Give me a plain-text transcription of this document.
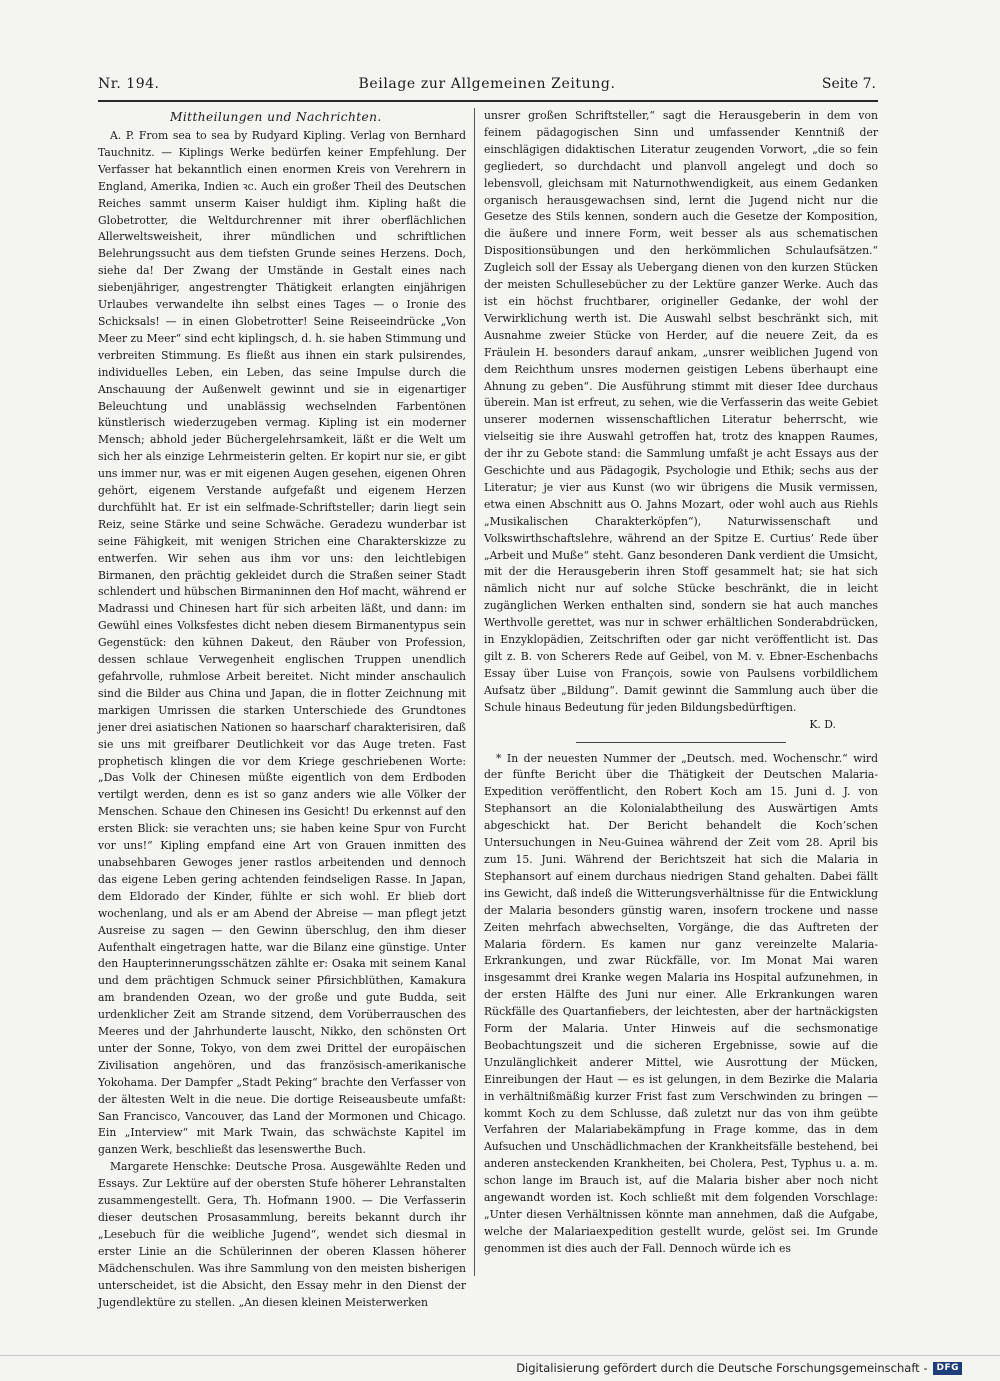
Nr. 194.	Beilage zur Allgemeinen Zeitung.	Seite 7.
Mittheilungen und Nachrichten.

A. P. From sea to sea by Rudyard Kipling. Verlag von Bernhard Tauchnitz. — Kiplings Werke bedürfen keiner Empfehlung. Der Verfasser hat bekanntlich einen enormen Kreis von Verehrern in England, Amerika, Indien ꝛc. Auch ein großer Theil des Deutschen Reiches sammt unserm Kaiser huldigt ihm. Kipling haßt die Globetrotter, die Weltdurchrenner mit ihrer oberflächlichen Allerweltsweisheit, ihrer mündlichen und schriftlichen Belehrungssucht aus dem tiefsten Grunde seines Herzens. Doch, siehe da! Der Zwang der Umstände in Gestalt eines nach siebenjähriger, angestrengter Thätigkeit erlangten einjährigen Urlaubes verwandelte ihn selbst eines Tages — o Ironie des Schicksals! — in einen Globetrotter! Seine Reiseeindrücke „Von Meer zu Meer“ sind echt kiplingsch, d. h. sie haben Stimmung und verbreiten Stimmung. Es fließt aus ihnen ein stark pulsirendes, individuelles Leben, ein Leben, das seine Impulse durch die Anschauung der Außenwelt gewinnt und sie in eigenartiger Beleuchtung und unablässig wechselnden Farbentönen künstlerisch wiederzugeben vermag. Kipling ist ein moderner Mensch; abhold jeder Büchergelehrsamkeit, läßt er die Welt um sich her als einzige Lehrmeisterin gelten. Er kopirt nur sie, er gibt uns immer nur, was er mit eigenen Augen gesehen, eigenen Ohren gehört, eigenem Verstande aufgefaßt und eigenem Herzen durchfühlt hat. Er ist ein selfmade-Schriftsteller; darin liegt sein Reiz, seine Stärke und seine Schwäche. Geradezu wunderbar ist seine Fähigkeit, mit wenigen Strichen eine Charakterskizze zu entwerfen. Wir sehen aus ihm vor uns: den leichtlebigen Birmanen, den prächtig gekleidet durch die Straßen seiner Stadt schlendert und hübschen Birmaninnen den Hof macht, während er Madrassi und Chinesen hart für sich arbeiten läßt, und dann: im Gewühl eines Volksfestes dicht neben diesem Birmanentypus sein Gegenstück: den kühnen Dakeut, den Räuber von Profession, dessen schlaue Verwegenheit englischen Truppen unendlich gefahrvolle, ruhmlose Arbeit bereitet. Nicht minder anschaulich sind die Bilder aus China und Japan, die in flotter Zeichnung mit markigen Umrissen die starken Unterschiede des Grundtones jener drei asiatischen Nationen so haarscharf charakterisiren, daß sie uns mit greifbarer Deutlichkeit vor das Auge treten. Fast prophetisch klingen die vor dem Kriege geschriebenen Worte: „Das Volk der Chinesen müßte eigentlich von dem Erdboden vertilgt werden, denn es ist so ganz anders wie alle Völker der Menschen. Schaue den Chinesen ins Gesicht! Du erkennst auf den ersten Blick: sie verachten uns; sie haben keine Spur von Furcht vor uns!“ Kipling empfand eine Art von Grauen inmitten des unabsehbaren Gewoges jener rastlos arbeitenden und dennoch das eigene Leben gering achtenden feindseligen Rasse. In Japan, dem Eldorado der Kinder, fühlte er sich wohl. Er blieb dort wochenlang, und als er am Abend der Abreise — man pflegt jetzt Ausreise zu sagen — den Gewinn überschlug, den ihm dieser Aufenthalt eingetragen hatte, war die Bilanz eine günstige. Unter den Haupterinnerungsschätzen zählte er: Osaka mit seinem Kanal und dem prächtigen Schmuck seiner Pfirsichblüthen, Kamakura am brandenden Ozean, wo der große und gute Budda, seit urdenklicher Zeit am Strande sitzend, dem Vorüberrauschen des Meeres und der Jahrhunderte lauscht, Nikko, den schönsten Ort unter der Sonne, Tokyo, von dem zwei Drittel der europäischen Zivilisation angehören, und das französisch-amerikanische Yokohama. Der Dampfer „Stadt Peking“ brachte den Verfasser von der ältesten Welt in die neue. Die dortige Reiseausbeute umfaßt: San Francisco, Vancouver, das Land der Mormonen und Chicago. Ein „Interview“ mit Mark Twain, das schwächste Kapitel im ganzen Werk, beschließt das lesenswerthe Buch.

Margarete Henschke: Deutsche Prosa. Ausgewählte Reden und Essays. Zur Lektüre auf der obersten Stufe höherer Lehranstalten zusammengestellt. Gera, Th. Hofmann 1900. — Die Verfasserin dieser deutschen Prosasammlung, bereits bekannt durch ihr „Lesebuch für die weibliche Jugend“, wendet sich diesmal in erster Linie an die Schülerinnen der oberen Klassen höherer Mädchenschulen. Was ihre Sammlung von den meisten bisherigen unterscheidet, ist die Absicht, den Essay mehr in den Dienst der Jugendlektüre zu stellen. „An diesen kleinen Meisterwerken

unsrer großen Schriftsteller,“ sagt die Herausgeberin in dem von feinem pädagogischen Sinn und umfassender Kenntniß der einschlägigen didaktischen Literatur zeugenden Vorwort, „die so fein gegliedert, so durchdacht und planvoll angelegt und doch so lebensvoll, gleichsam mit Naturnothwendigkeit, aus einem Gedanken organisch herausgewachsen sind, lernt die Jugend nicht nur die Gesetze des Stils kennen, sondern auch die Gesetze der Komposition, die äußere und innere Form, weit besser als aus schematischen Dispositionsübungen und den herkömmlichen Schulaufsätzen.“ Zugleich soll der Essay als Uebergang dienen von den kurzen Stücken der meisten Schullesebücher zu der Lektüre ganzer Werke. Auch das ist ein höchst fruchtbarer, origineller Gedanke, der wohl der Verwirklichung werth ist. Die Auswahl selbst beschränkt sich, mit Ausnahme zweier Stücke von Herder, auf die neuere Zeit, da es Fräulein H. besonders darauf ankam, „unsrer weiblichen Jugend von dem Reichthum unsres modernen geistigen Lebens überhaupt eine Ahnung zu geben“. Die Ausführung stimmt mit dieser Idee durchaus überein. Man ist erfreut, zu sehen, wie die Verfasserin das weite Gebiet unserer modernen wissenschaftlichen Literatur beherrscht, wie vielseitig sie ihre Auswahl getroffen hat, trotz des knappen Raumes, der ihr zu Gebote stand: die Sammlung umfaßt je acht Essays aus der Geschichte und aus Pädagogik, Psychologie und Ethik; sechs aus der Literatur; je vier aus Kunst (wo wir übrigens die Musik vermissen, etwa einen Abschnitt aus O. Jahns Mozart, oder wohl auch aus Riehls „Musikalischen Charakterköpfen“), Naturwissenschaft und Volkswirthschaftslehre, während an der Spitze E. Curtius’ Rede über „Arbeit und Muße“ steht. Ganz besonderen Dank verdient die Umsicht, mit der die Herausgeberin ihren Stoff gesammelt hat; sie hat sich nämlich nicht nur auf solche Stücke beschränkt, die in leicht zugänglichen Werken enthalten sind, sondern sie hat auch manches Werthvolle gerettet, was nur in schwer erhältlichen Sonderabdrücken, in Enzyklopädien, Zeitschriften oder gar nicht veröffentlicht ist. Das gilt z. B. von Scherers Rede auf Geibel, von M. v. Ebner-Eschenbachs Essay über Luise von François, sowie von Paulsens vorbildlichem Aufsatz über „Bildung“. Damit gewinnt die Sammlung auch über die Schule hinaus Bedeutung für jeden Bildungsbedürftigen.

K. D.

* In der neuesten Nummer der „Deutsch. med. Wochenschr.“ wird der fünfte Bericht über die Thätigkeit der Deutschen Malaria-Expedition veröffentlicht, den Robert Koch am 15. Juni d. J. von Stephansort an die Kolonialabtheilung des Auswärtigen Amts abgeschickt hat. Der Bericht behandelt die Koch’schen Untersuchungen in Neu-Guinea während der Zeit vom 28. April bis zum 15. Juni. Während der Berichtszeit hat sich die Malaria in Stephansort auf einem durchaus niedrigen Stand gehalten. Dabei fällt ins Gewicht, daß indeß die Witterungsverhältnisse für die Entwicklung der Malaria besonders günstig waren, insofern trockene und nasse Zeiten mehrfach abwechselten, Vorgänge, die das Auftreten der Malaria fördern. Es kamen nur ganz vereinzelte Malaria-Erkrankungen, und zwar Rückfälle, vor. Im Monat Mai waren insgesammt drei Kranke wegen Malaria ins Hospital aufzunehmen, in der ersten Hälfte des Juni nur einer. Alle Erkrankungen waren Rückfälle des Quartanfiebers, der leichtesten, aber der hartnäckigsten Form der Malaria. Unter Hinweis auf die sechsmonatige Beobachtungszeit und die sicheren Ergebnisse, sowie auf die Unzulänglichkeit anderer Mittel, wie Ausrottung der Mücken, Einreibungen der Haut — es ist gelungen, in dem Bezirke die Malaria in verhältnißmäßig kurzer Frist fast zum Verschwinden zu bringen — kommt Koch zu dem Schlusse, daß zuletzt nur das von ihm geübte Verfahren der Malariabekämpfung in Frage komme, das in dem Aufsuchen und Unschädlichmachen der Krankheitsfälle bestehend, bei anderen ansteckenden Krankheiten, bei Cholera, Pest, Typhus u. a. m. schon lange im Brauch ist, auf die Malaria bisher aber noch nicht angewandt worden ist. Koch schließt mit dem folgenden Vorschlage: „Unter diesen Verhältnissen könnte man annehmen, daß die Aufgabe, welche der Malariaexpedition gestellt wurde, gelöst sei. Im Grunde genommen ist dies auch der Fall. Dennoch würde ich es

Digitalisierung gefördert durch die Deutsche Forschungsgemeinschaft -	DFG
